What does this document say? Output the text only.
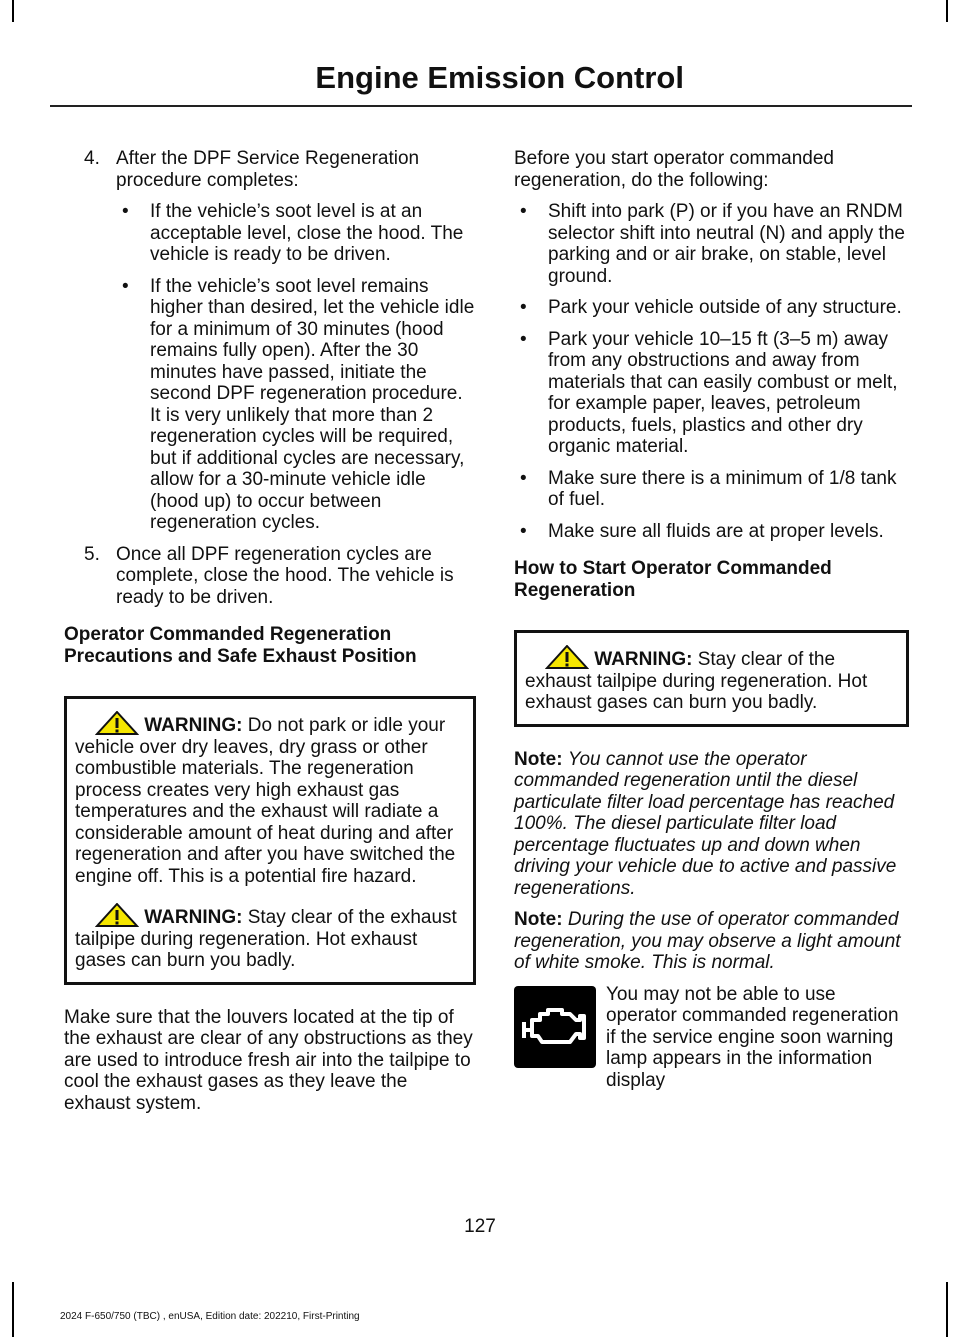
Engine Emission Control
4. After the DPF Service Regeneration procedure completes:
• If the vehicle’s soot level is at an acceptable level, close the hood. The vehicle is ready to be driven.
• If the vehicle’s soot level remains higher than desired, let the vehicle idle for a minimum of 30 minutes (hood remains fully open). After the 30 minutes have passed, initiate the second DPF regeneration procedure. It is very unlikely that more than 2 regeneration cycles will be required, but if additional cycles are necessary, allow for a 30-minute vehicle idle (hood up) to occur between regeneration cycles.
5. Once all DPF regeneration cycles are complete, close the hood. The vehicle is ready to be driven.
Operator Commanded Regeneration Precautions and Safe Exhaust Position
WARNING: Do not park or idle your vehicle over dry leaves, dry grass or other combustible materials. The regeneration process creates very high exhaust gas temperatures and the exhaust will radiate a considerable amount of heat during and after regeneration and after you have switched the engine off. This is a potential fire hazard.
WARNING: Stay clear of the exhaust tailpipe during regeneration. Hot exhaust gases can burn you badly.

Make sure that the louvers located at the tip of the exhaust are clear of any obstructions as they are used to introduce fresh air into the tailpipe to cool the exhaust gases as they leave the exhaust system.

Before you start operator commanded regeneration, do the following:

• Shift into park (P) or if you have an RNDM selector shift into neutral (N) and apply the parking and or air brake, on stable, level ground.
• Park your vehicle outside of any structure.
• Park your vehicle 10–15 ft (3–5 m) away from any obstructions and away from materials that can easily combust or melt, for example paper, leaves, petroleum products, fuels, plastics and other dry organic material.
• Make sure there is a minimum of 1/8 tank of fuel.
• Make sure all fluids are at proper levels.
How to Start Operator Commanded Regeneration
WARNING: Stay clear of the exhaust tailpipe during regeneration. Hot exhaust gases can burn you badly.

Note: You cannot use the operator commanded regeneration until the diesel particulate filter load percentage has reached 100%. The diesel particulate filter load percentage fluctuates up and down when driving your vehicle due to active and passive regenerations.

Note: During the use of operator commanded regeneration, you may observe a light amount of white smoke. This is normal.

You may not be able to use operator commanded regeneration if the service engine soon warning lamp appears in the information display
127
2024 F-650/750 (TBC) , enUSA, Edition date: 202210, First-Printing
